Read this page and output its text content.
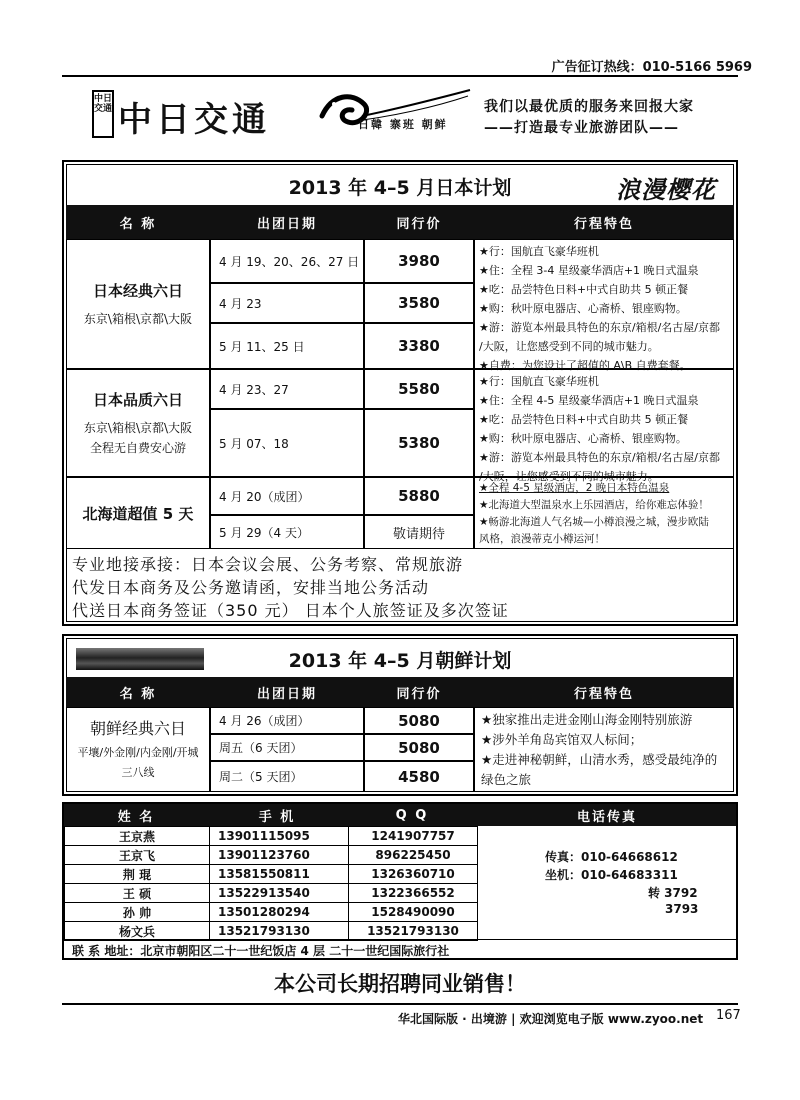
广告征订热线：010-5166 5969
中日交通 中日交通	日韓 寨班 朝鲜
我们以最优质的服务来回报大家
——打造最专业旅游团队——
2013 年 4–5 月日本计划	浪漫樱花
名 称	出团日期	同行价	行程特色
日本经典六日
东京\箱根\京都\大阪
4 月 19、20、26、27 日	3980
4 月 23	3580
5 月 11、25 日	3380
★行：国航直飞豪华班机
★住：全程 3-4 星级豪华酒店+1 晚日式温泉
★吃：品尝特色日料+中式自助共 5 顿正餐
★购：秋叶原电器店、心斋桥、银座购物。
★游：游览本州最具特色的东京/箱根/名古屋/京都
/大阪，让您感受到不同的城市魅力。
★自费：为您设计了超值的 A\B 自费套餐。
日本品质六日
东京\箱根\京都\大阪
全程无自费安心游
4 月 23、27	5580
5 月 07、18	5380
★行：国航直飞豪华班机
★住：全程 4-5 星级豪华酒店+1 晚日式温泉
★吃：品尝特色日料+中式自助共 5 顿正餐
★购：秋叶原电器店、心斋桥、银座购物。
★游：游览本州最具特色的东京/箱根/名古屋/京都
/大阪，让您感受到不同的城市魅力。
北海道超值 5 天
4 月 20（成团）	5880
5 月 29（4 天）	敬请期待
★全程 4-5 星级酒店，2 晚日本特色温泉
★北海道大型温泉水上乐园酒店，给你难忘体验！
★畅游北海道人气名城—小樽浪漫之城，漫步欧陆
风格，浪漫蒂克小樽运河！
专业地接承接：日本会议会展、公务考察、常规旅游
代发日本商务及公务邀请函，安排当地公务活动
代送日本商务签证（350 元） 日本个人旅签证及多次签证
2013 年 4–5 月朝鲜计划
名 称	出团日期	同行价	行程特色
朝鲜经典六日
平壤/外金刚/内金刚/开城
三八线
4 月 26（成团）	5080
周五（6 天团）	5080
周二（5 天团）	4580
★独家推出走进金刚山海金刚特别旅游
★涉外羊角岛宾馆双人标间；
★走进神秘朝鲜，山清水秀，感受最纯净的
绿色之旅
姓 名	手 机	Q Q	电话传真
王京燕	13901115095	1241907757
王京飞	13901123760	896225450
荆 琨	13581550811	1326360710
王 硕	13522913540	1322366552
孙 帅	13501280294	1528490090
杨文兵	13521793130	13521793130
传真：010-64668612
坐机：010-64683311
转 3792
3793
联 系 地址：北京市朝阳区二十一世纪饭店 4 层 二十一世纪国际旅行社
本公司长期招聘同业销售！
华北国际版 · 出境游 | 欢迎浏览电子版 www.zyoo.net 167
